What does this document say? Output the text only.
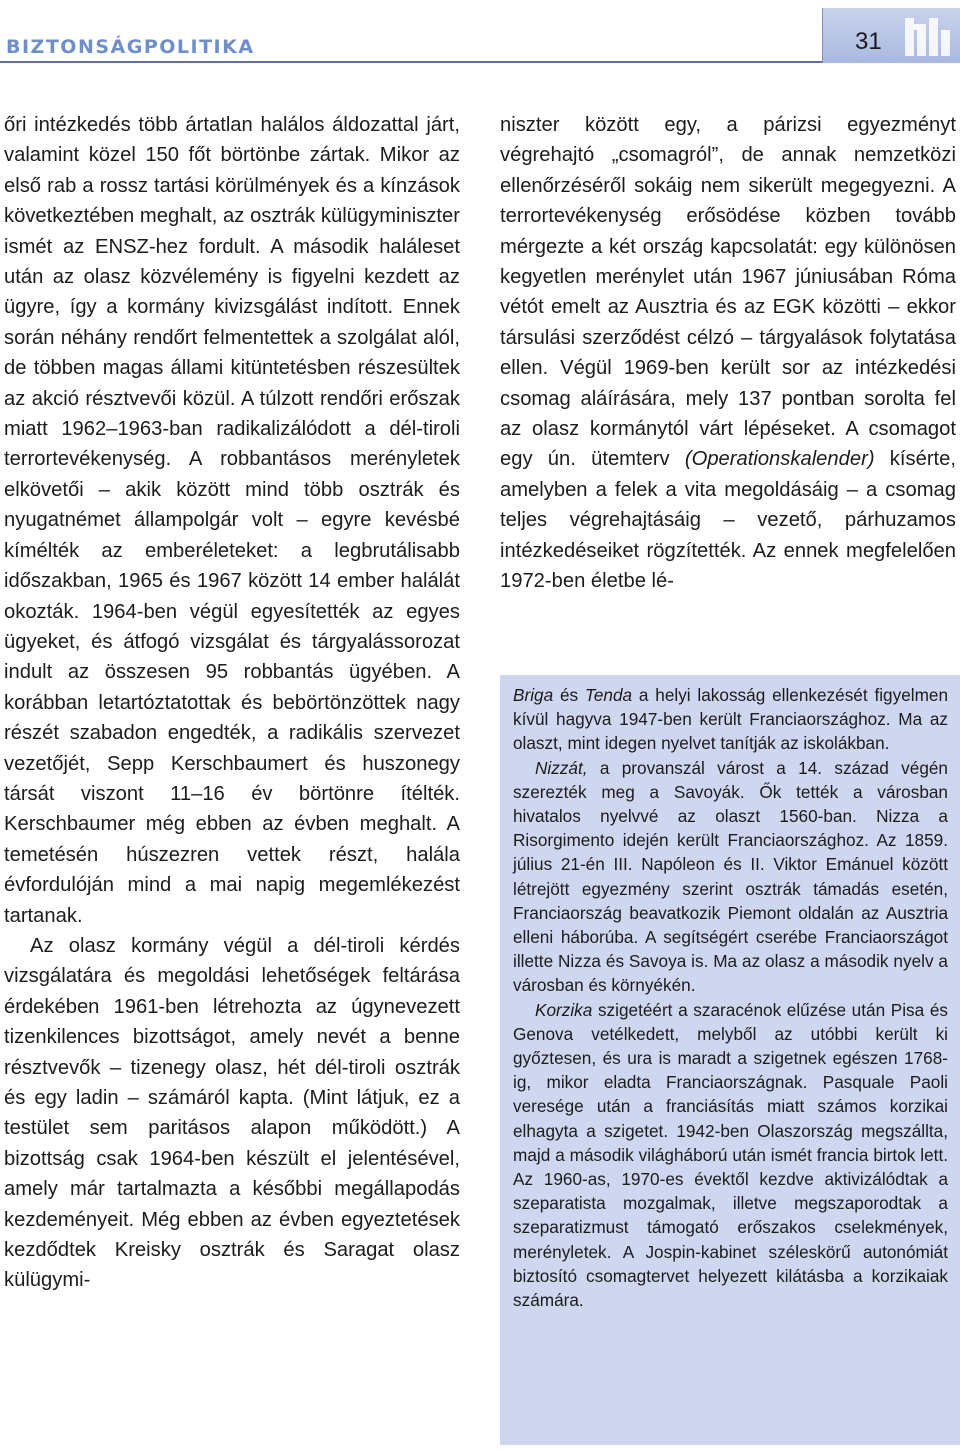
BIZTONSÁGPOLITIKA	31

őri intézkedés több ártatlan halálos áldozattal járt, valamint közel 150 főt börtönbe zártak. Mikor az első rab a rossz tartási körülmények és a kínzások következtében meghalt, az osztrák külügyminiszter ismét az ENSZ-hez fordult. A második haláleset után az olasz közvélemény is figyelni kezdett az ügyre, így a kormány kivizsgálást indított. Ennek során néhány rendőrt felmentettek a szolgálat alól, de többen magas állami kitüntetésben részesültek az akció résztvevői közül. A túlzott rendőri erőszak miatt 1962–1963-ban radikalizálódott a dél-tiroli terrortevékenység. A robbantásos merényletek elkövetői – akik között mind több osztrák és nyugatnémet állampolgár volt – egyre kevésbé kímélték az emberéleteket: a legbrutálisabb időszakban, 1965 és 1967 között 14 ember halálát okozták. 1964-ben végül egyesítették az egyes ügyeket, és átfogó vizsgálat és tárgyalássorozat indult az összesen 95 robbantás ügyében. A korábban letartóztatottak és bebörtönzöttek nagy részét szabadon engedték, a radikális szervezet vezetőjét, Sepp Kerschbaumert és huszonegy társát viszont 11–16 év börtönre ítélték. Kerschbaumer még ebben az évben meghalt. A temetésén húszezren vettek részt, halála évfordulóján mind a mai napig megemlékezést tartanak.

Az olasz kormány végül a dél-tiroli kérdés vizsgálatára és megoldási lehetőségek feltárása érdekében 1961-ben létrehozta az úgynevezett tizenkilences bizottságot, amely nevét a benne résztvevők – tizenegy olasz, hét dél-tiroli osztrák és egy ladin – számáról kapta. (Mint látjuk, ez a testület sem paritásos alapon működött.) A bizottság csak 1964-ben készült el jelentésével, amely már tartalmazta a későbbi megállapodás kezdeményeit. Még ebben az évben egyeztetések kezdődtek Kreisky osztrák és Saragat olasz külügymi-

niszter között egy, a párizsi egyezményt végrehajtó „csomagról”, de annak nemzetközi ellenőrzéséről sokáig nem sikerült megegyezni. A terrortevékenység erősödése közben tovább mérgezte a két ország kapcsolatát: egy különösen kegyetlen merénylet után 1967 júniusában Róma vétót emelt az Ausztria és az EGK közötti – ekkor társulási szerződést célzó – tárgyalások folytatása ellen. Végül 1969-ben került sor az intézkedési csomag aláírására, mely 137 pontban sorolta fel az olasz kormánytól várt lépéseket. A csomagot egy ún. ütemterv (Operationskalender) kísérte, amelyben a felek a vita megoldásáig – a csomag teljes végrehajtásáig – vezető, párhuzamos intézkedéseiket rögzítették. Az ennek megfelelően 1972-ben életbe lé-

Briga és Tenda a helyi lakosság ellenkezését figyelmen kívül hagyva 1947-ben került Franciaországhoz. Ma az olaszt, mint idegen nyelvet tanítják az iskolákban.

Nizzát, a provanszál várost a 14. század végén szerezték meg a Savoyák. Ők tették a városban hivatalos nyelvvé az olaszt 1560-ban. Nizza a Risorgimento idején került Franciaországhoz. Az 1859. július 21-én III. Napóleon és II. Viktor Emánuel között létrejött egyezmény szerint osztrák támadás esetén, Franciaország beavatkozik Piemont oldalán az Ausztria elleni háborúba. A segítségért cserébe Franciaországot illette Nizza és Savoya is. Ma az olasz a második nyelv a városban és környékén.

Korzika szigetéért a szaracénok elűzése után Pisa és Genova vetélkedett, melyből az utóbbi került ki győztesen, és ura is maradt a szigetnek egészen 1768-ig, mikor eladta Franciaországnak. Pasquale Paoli veresége után a franciásítás miatt számos korzikai elhagyta a szigetet. 1942-ben Olaszország megszállta, majd a második világháború után ismét francia birtok lett. Az 1960-as, 1970-es évektől kezdve aktivizálódtak a szeparatista mozgalmak, illetve megszaporodtak a szeparatizmust támogató erőszakos cselekmények, merényletek. A Jospin-kabinet széleskörű autonómiát biztosító csomagtervet helyezett kilátásba a korzikaiak számára.
